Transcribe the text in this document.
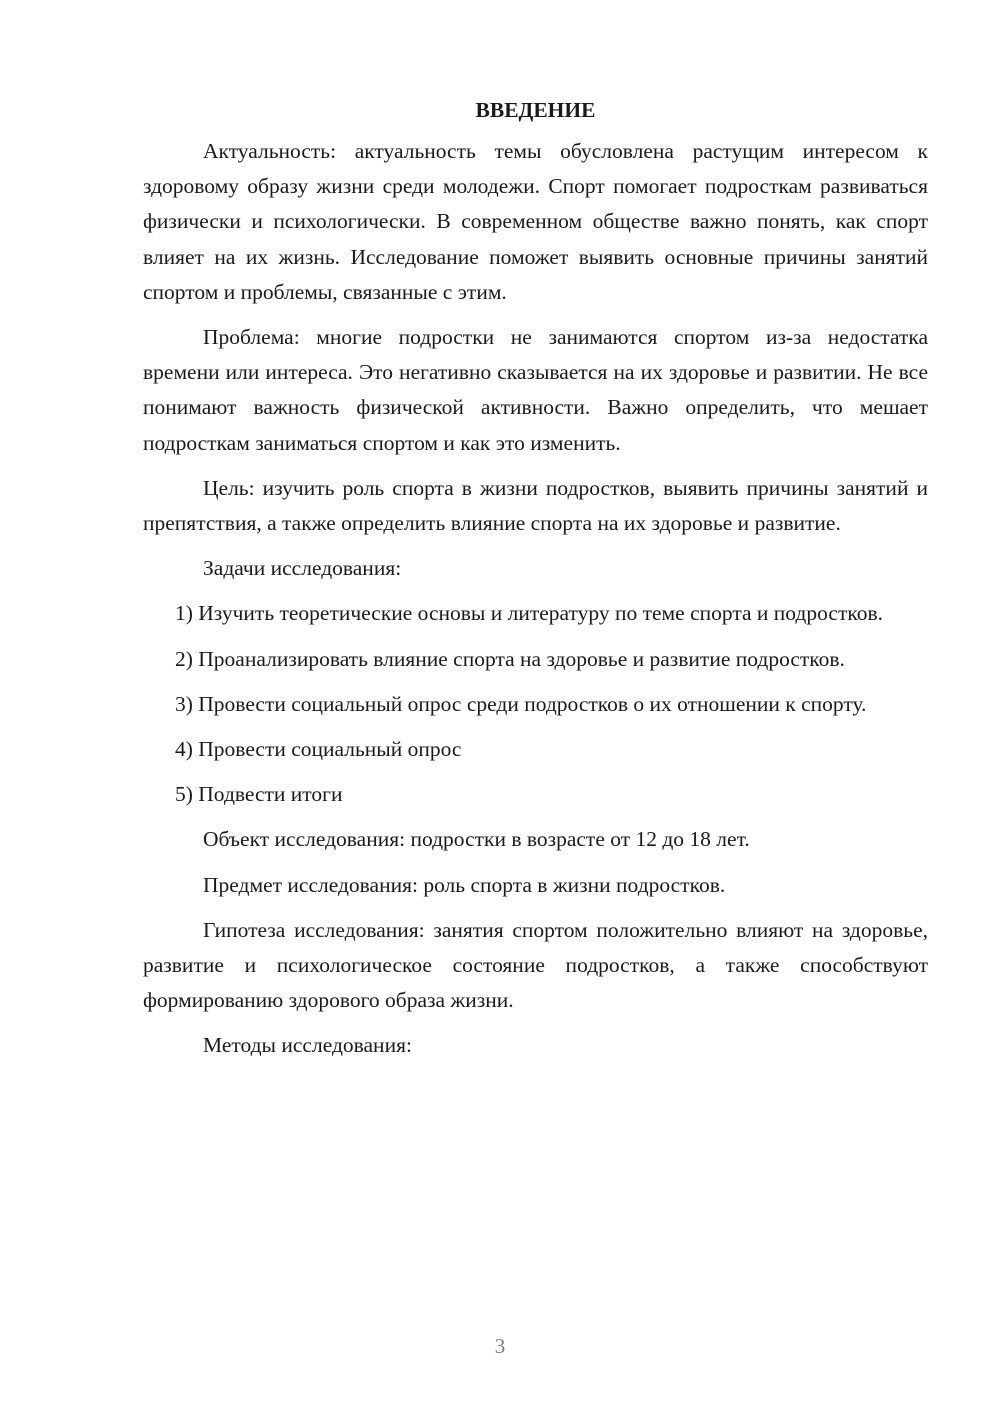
ВВЕДЕНИЕ

Актуальность: актуальность темы обусловлена растущим интересом к здоровому образу жизни среди молодежи. Спорт помогает подросткам развиваться физически и психологически. В современном обществе важно понять, как спорт влияет на их жизнь. Исследование поможет выявить основные причины занятий спортом и проблемы, связанные с этим.

Проблема: многие подростки не занимаются спортом из-за недостатка времени или интереса. Это негативно сказывается на их здоровье и развитии. Не все понимают важность физической активности. Важно определить, что мешает подросткам заниматься спортом и как это изменить.

Цель: изучить роль спорта в жизни подростков, выявить причины занятий и препятствия, а также определить влияние спорта на их здоровье и развитие.

Задачи исследования:

1) Изучить теоретические основы и литературу по теме спорта и подростков.

2) Проанализировать влияние спорта на здоровье и развитие подростков.

3) Провести социальный опрос среди подростков о их отношении к спорту.

4) Провести социальный опрос

5) Подвести итоги

Объект исследования: подростки в возрасте от 12 до 18 лет.

Предмет исследования: роль спорта в жизни подростков.

Гипотеза исследования: занятия спортом положительно влияют на здоровье, развитие и психологическое состояние подростков, а также способствуют формированию здорового образа жизни.

Методы исследования:

3
